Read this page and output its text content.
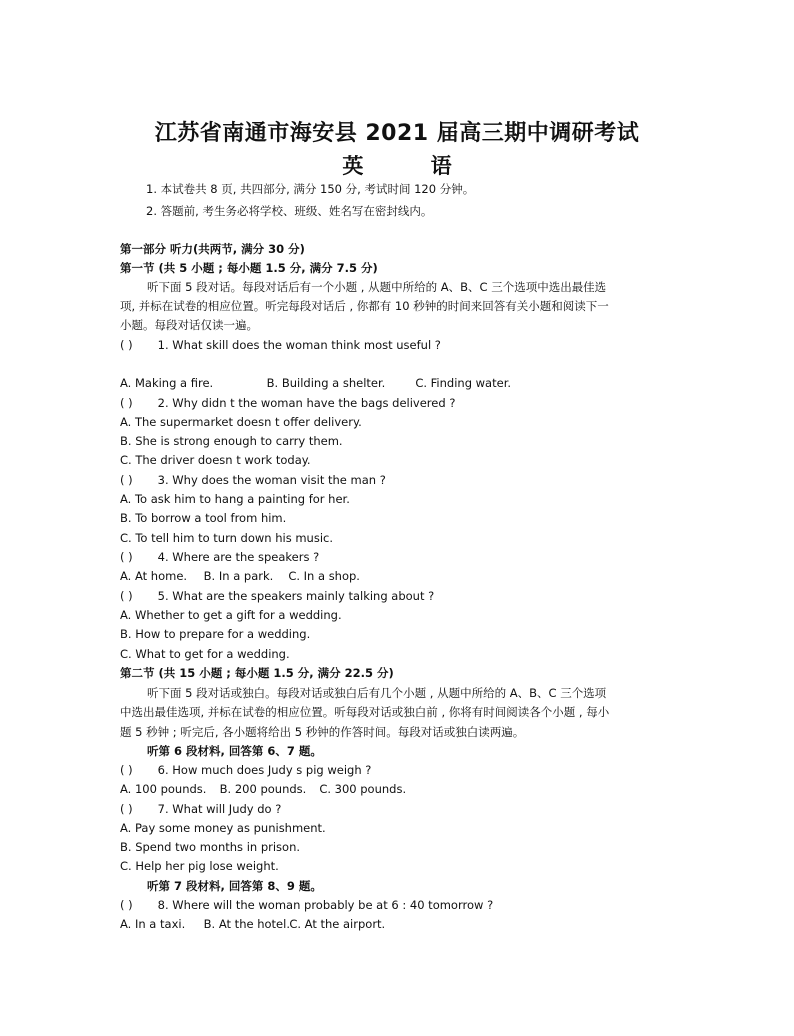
江苏省南通市海安县 2021 届高三期中调研考试
英 语
1. 本试卷共 8 页, 共四部分, 满分 150 分, 考试时间 120 分钟。
2. 答题前, 考生务必将学校、班级、姓名写在密封线内。
第一部分 听力(共两节, 满分 30 分)
第一节 (共 5 小题 ; 每小题 1.5 分, 满分 7.5 分)
听下面 5 段对话。每段对话后有一个小题 , 从题中所给的 A、B、C 三个选项中选出最佳选
项, 并标在试卷的相应位置。听完每段对话后 , 你都有 10 秒钟的时间来回答有关小题和阅读下一
小题。每段对话仅读一遍。
( ) 1. What skill does the woman think most useful ?
A. Making a fire.	B. Building a shelter.	C. Finding water.
( ) 2. Why didn t the woman have the bags delivered ?
A. The supermarket doesn t offer delivery.
B. She is strong enough to carry them.
C. The driver doesn t work today.
( ) 3. Why does the woman visit the man ?
A. To ask him to hang a painting for her.
B. To borrow a tool from him.
C. To tell him to turn down his music.
( ) 4. Where are the speakers ?
A. At home. B. In a park. C. In a shop.
( ) 5. What are the speakers mainly talking about ?
A. Whether to get a gift for a wedding.
B. How to prepare for a wedding.
C. What to get for a wedding.
第二节 (共 15 小题 ; 每小题 1.5 分, 满分 22.5 分)
听下面 5 段对话或独白。每段对话或独白后有几个小题 , 从题中所给的 A、B、C 三个选项
中选出最佳选项, 并标在试卷的相应位置。听每段对话或独白前 , 你将有时间阅读各个小题 , 每小
题 5 秒钟 ; 听完后, 各小题将给出 5 秒钟的作答时间。每段对话或独白读两遍。
听第 6 段材料, 回答第 6、7 题。
( ) 6. How much does Judy s pig weigh ?
A. 100 pounds. B. 200 pounds. C. 300 pounds.
( ) 7. What will Judy do ?
A. Pay some money as punishment.
B. Spend two months in prison.
C. Help her pig lose weight.
听第 7 段材料, 回答第 8、9 题。
( ) 8. Where will the woman probably be at 6 : 40 tomorrow ?
A. In a taxi. B. At the hotel. C. At the airport.
